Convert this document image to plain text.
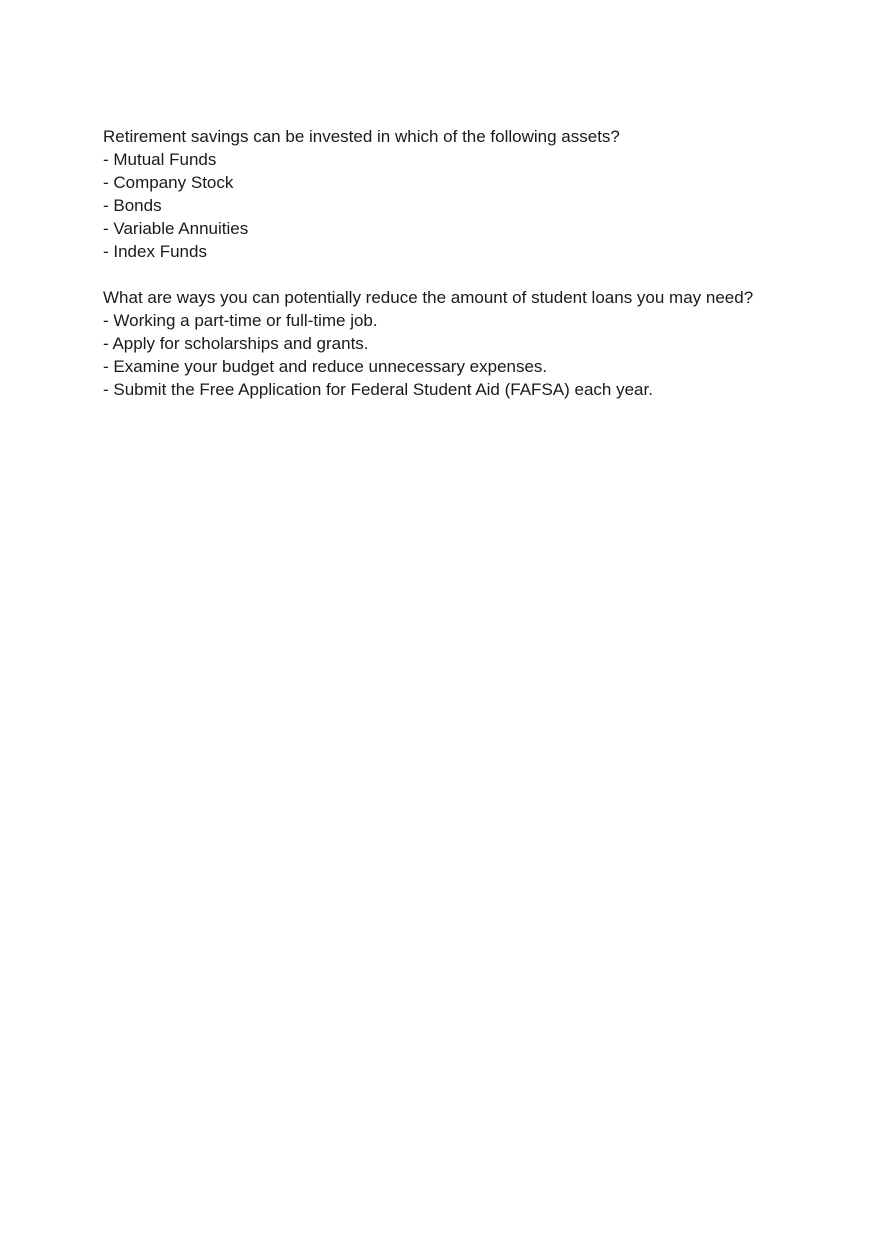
Retirement savings can be invested in which of the following assets?
- Mutual Funds
- Company Stock
- Bonds
- Variable Annuities
- Index Funds
What are ways you can potentially reduce the amount of student loans you may need?
- Working a part-time or full-time job.
- Apply for scholarships and grants.
- Examine your budget and reduce unnecessary expenses.
- Submit the Free Application for Federal Student Aid (FAFSA) each year.
